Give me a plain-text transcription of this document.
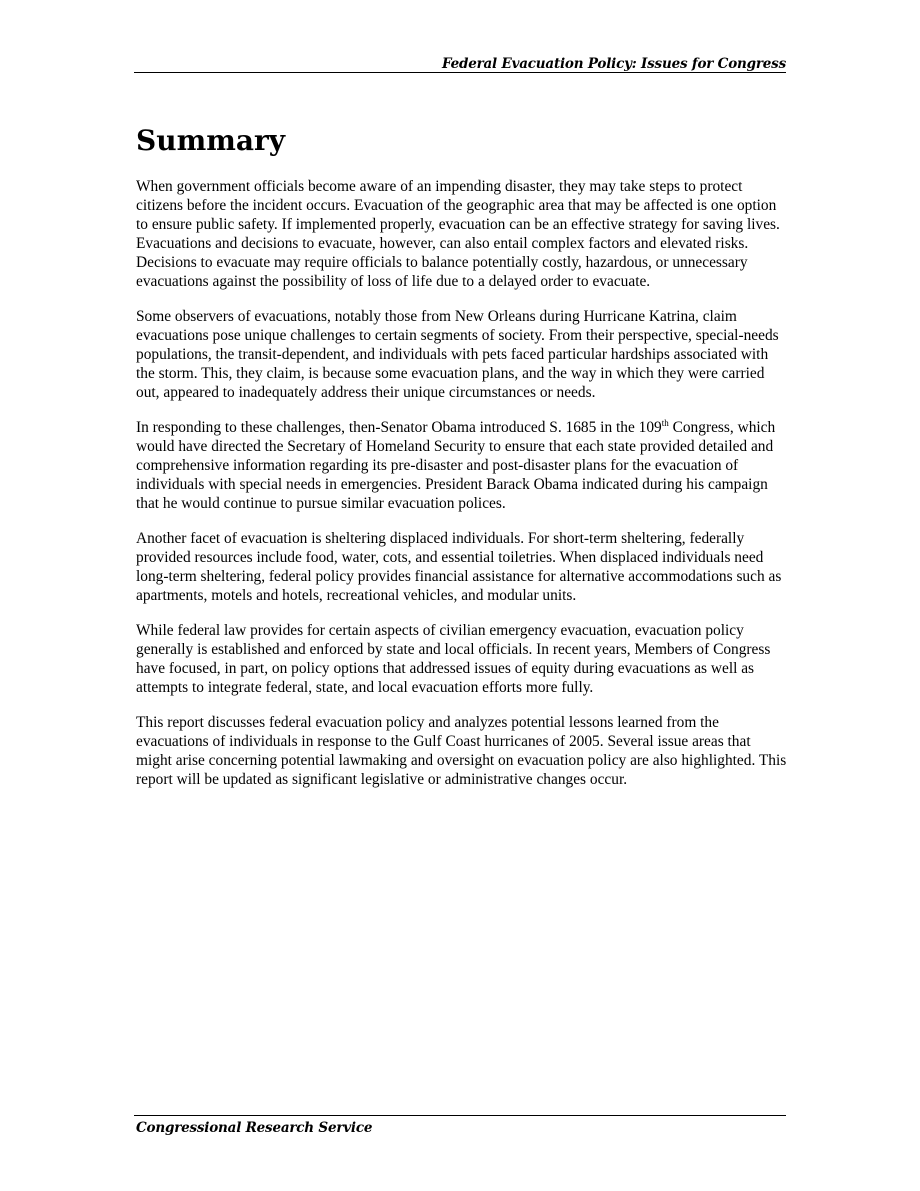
Federal Evacuation Policy: Issues for Congress
Summary

When government officials become aware of an impending disaster, they may take steps to protect citizens before the incident occurs. Evacuation of the geographic area that may be affected is one option to ensure public safety. If implemented properly, evacuation can be an effective strategy for saving lives. Evacuations and decisions to evacuate, however, can also entail complex factors and elevated risks. Decisions to evacuate may require officials to balance potentially costly, hazardous, or unnecessary evacuations against the possibility of loss of life due to a delayed order to evacuate.

Some observers of evacuations, notably those from New Orleans during Hurricane Katrina, claim evacuations pose unique challenges to certain segments of society. From their perspective, special-needs populations, the transit-dependent, and individuals with pets faced particular hardships associated with the storm. This, they claim, is because some evacuation plans, and the way in which they were carried out, appeared to inadequately address their unique circumstances or needs.

In responding to these challenges, then-Senator Obama introduced S. 1685 in the 109th Congress, which would have directed the Secretary of Homeland Security to ensure that each state provided detailed and comprehensive information regarding its pre-disaster and post-disaster plans for the evacuation of individuals with special needs in emergencies. President Barack Obama indicated during his campaign that he would continue to pursue similar evacuation polices.

Another facet of evacuation is sheltering displaced individuals. For short-term sheltering, federally provided resources include food, water, cots, and essential toiletries. When displaced individuals need long-term sheltering, federal policy provides financial assistance for alternative accommodations such as apartments, motels and hotels, recreational vehicles, and modular units.

While federal law provides for certain aspects of civilian emergency evacuation, evacuation policy generally is established and enforced by state and local officials. In recent years, Members of Congress have focused, in part, on policy options that addressed issues of equity during evacuations as well as attempts to integrate federal, state, and local evacuation efforts more fully.

This report discusses federal evacuation policy and analyzes potential lessons learned from the evacuations of individuals in response to the Gulf Coast hurricanes of 2005. Several issue areas that might arise concerning potential lawmaking and oversight on evacuation policy are also highlighted. This report will be updated as significant legislative or administrative changes occur.

Congressional Research Service
